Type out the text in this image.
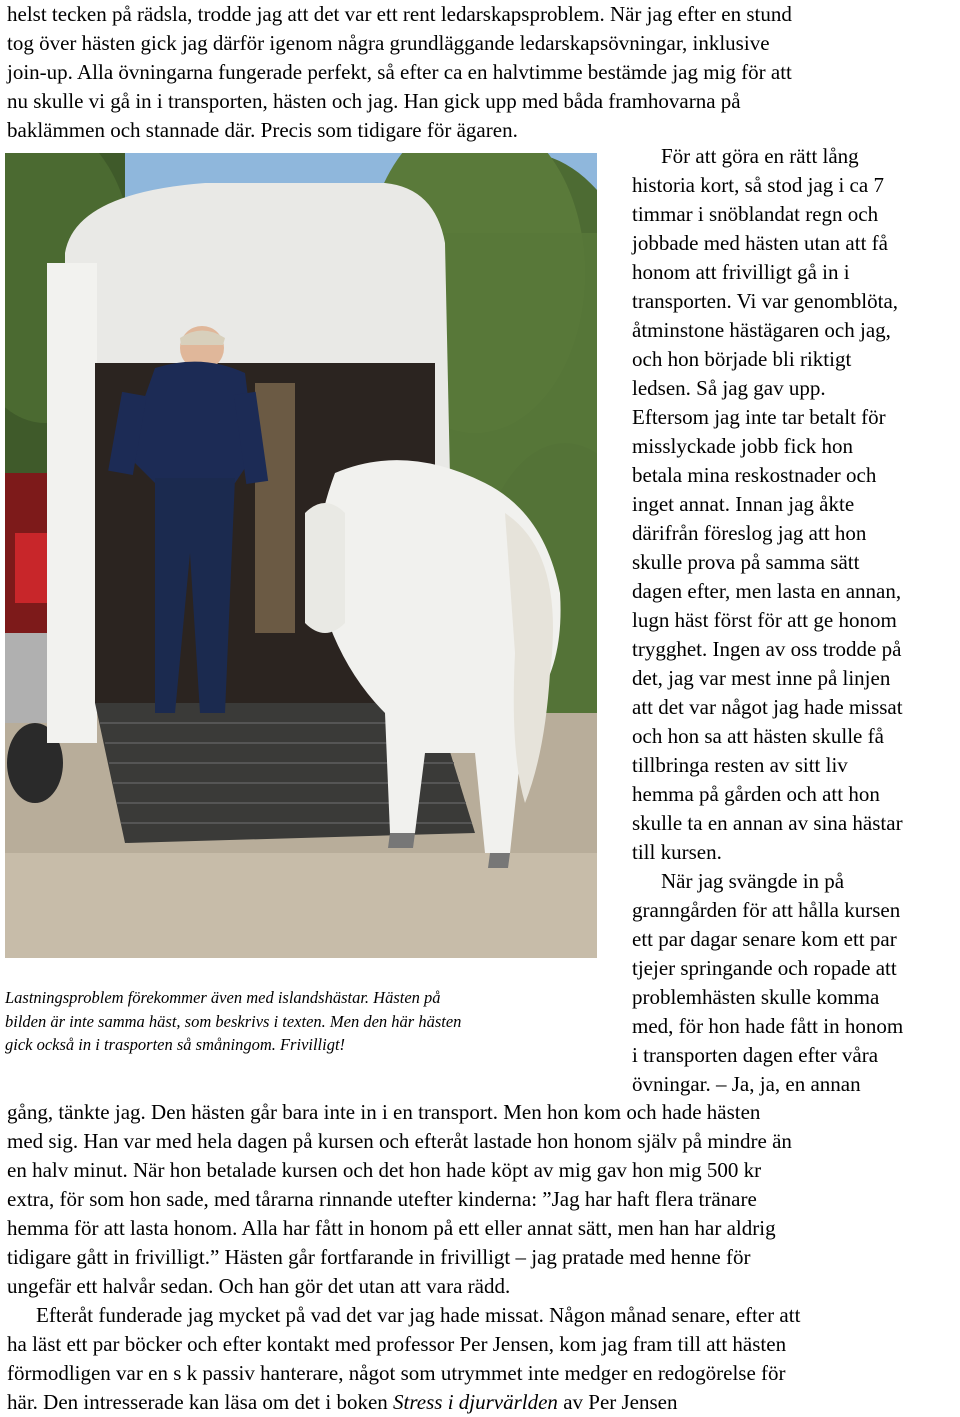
helst tecken på rädsla, trodde jag att det var ett rent ledarskapsproblem. När jag efter en stund

tog över hästen gick jag därför igenom några grundläggande ledarskapsövningar, inklusive

join-up. Alla övningarna fungerade perfekt, så efter ca en halvtimme bestämde jag mig för att

nu skulle vi gå in i transporten, hästen och jag. Han gick upp med båda framhovarna på

baklämmen och stannade där. Precis som tidigare för ägaren.

Lastningsproblem förekommer även med islandshästar. Hästen på
bilden är inte samma häst, som beskrivs i texten. Men den här hästen
gick också in i trasporten så småningom. Frivilligt!

För att göra en rätt lång

historia kort, så stod jag i ca 7

timmar i snöblandat regn och

jobbade med hästen utan att få

honom att frivilligt gå in i

transporten. Vi var genomblöta,

åtminstone hästägaren och jag,

och hon började bli riktigt

ledsen. Så jag gav upp.

Eftersom jag inte tar betalt för

misslyckade jobb fick hon

betala mina reskostnader och

inget annat. Innan jag åkte

därifrån föreslog jag att hon

skulle prova på samma sätt

dagen efter, men lasta en annan,

lugn häst först för att ge honom

trygghet. Ingen av oss trodde på

det, jag var mest inne på linjen

att det var något jag hade missat

och hon sa att hästen skulle få

tillbringa resten av sitt liv

hemma på gården och att hon

skulle ta en annan av sina hästar

till kursen.

När jag svängde in på

granngården för att hålla kursen

ett par dagar senare kom ett par

tjejer springande och ropade att

problemhästen skulle komma

med, för hon hade fått in honom

i transporten dagen efter våra

övningar. – Ja, ja, en annan

gång, tänkte jag. Den hästen går bara inte in i en transport. Men hon kom och hade hästen

med sig. Han var med hela dagen på kursen och efteråt lastade hon honom själv på mindre än

en halv minut. När hon betalade kursen och det hon hade köpt av mig gav hon mig 500 kr

extra, för som hon sade, med tårarna rinnande utefter kinderna: ”Jag har haft flera tränare

hemma för att lasta honom. Alla har fått in honom på ett eller annat sätt, men han har aldrig

tidigare gått in frivilligt.” Hästen går fortfarande in frivilligt – jag pratade med henne för

ungefär ett halvår sedan. Och han gör det utan att vara rädd.

Efteråt funderade jag mycket på vad det var jag hade missat. Någon månad senare, efter att

ha läst ett par böcker och efter kontakt med professor Per Jensen, kom jag fram till att hästen

förmodligen var en s k passiv hanterare, något som utrymmet inte medger en redogörelse för

här. Den intresserade kan läsa om det i boken Stress i djurvärlden av Per Jensen
